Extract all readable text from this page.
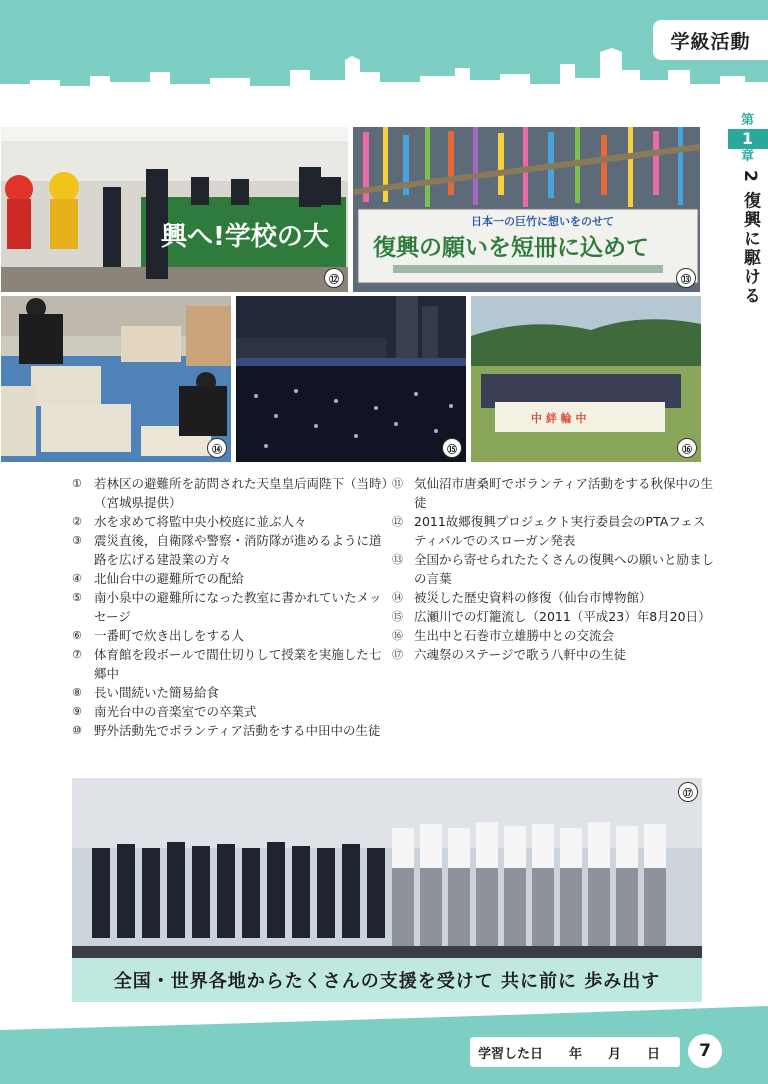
学級活動
第
1
章
2 復興に駆ける
興へ!学校の大
⑫
日本一の巨竹に想いをのせて
復興の願いを短冊に込めて
⑬
⑭	⑮
中 絆 輪 中
⑯
① 若林区の避難所を訪問された天皇皇后両陛下（当時）（宮城県提供）
② 水を求めて将監中央小校庭に並ぶ人々
③ 震災直後，自衛隊や警察・消防隊が進めるように道路を広げる建設業の方々
④ 北仙台中の避難所での配給
⑤ 南小泉中の避難所になった教室に書かれていたメッセージ
⑥ 一番町で炊き出しをする人
⑦ 体育館を段ボールで間仕切りして授業を実施した七郷中
⑧ 長い間続いた簡易給食
⑨ 南光台中の音楽室での卒業式
⑩ 野外活動先でボランティア活動をする中田中の生徒
⑪ 気仙沼市唐桑町でボランティア活動をする秋保中の生徒
⑫ 2011故郷復興プロジェクト実行委員会のPTAフェスティバルでのスローガン発表
⑬ 全国から寄せられたたくさんの復興への願いと励ましの言葉
⑭ 被災した歴史資料の修復（仙台市博物館）
⑮ 広瀬川での灯籠流し（2011（平成23）年8月20日）
⑯ 生出中と石巻市立雄勝中との交流会
⑰ 六魂祭のステージで歌う八軒中の生徒
⑰
全国・世界各地からたくさんの支援を受けて 共に前に 歩み出す
学習した日 年 月 日	7
